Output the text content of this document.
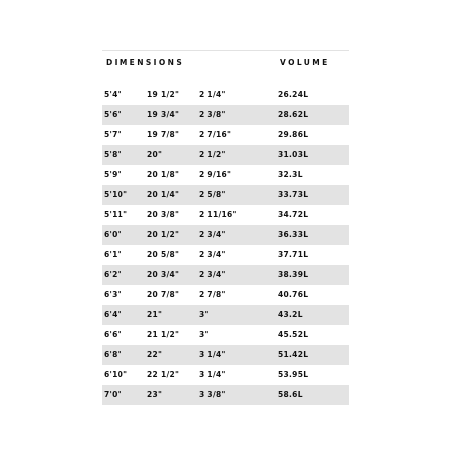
DIMENSIONS	VOLUME
5'4"	19 1/2"	2 1/4"	26.24L
5'6"	19 3/4"	2 3/8"	28.62L
5'7"	19 7/8"	2 7/16"	29.86L
5'8"	20"	2 1/2"	31.03L
5'9"	20 1/8"	2 9/16"	32.3L
5'10"	20 1/4"	2 5/8"	33.73L
5'11"	20 3/8"	2 11/16"	34.72L
6'0"	20 1/2"	2 3/4"	36.33L
6'1"	20 5/8"	2 3/4"	37.71L
6'2"	20 3/4"	2 3/4"	38.39L
6'3"	20 7/8"	2 7/8"	40.76L
6'4"	21"	3"	43.2L
6'6"	21 1/2"	3"	45.52L
6'8"	22"	3 1/4"	51.42L
6'10"	22 1/2"	3 1/4"	53.95L
7'0"	23"	3 3/8"	58.6L
